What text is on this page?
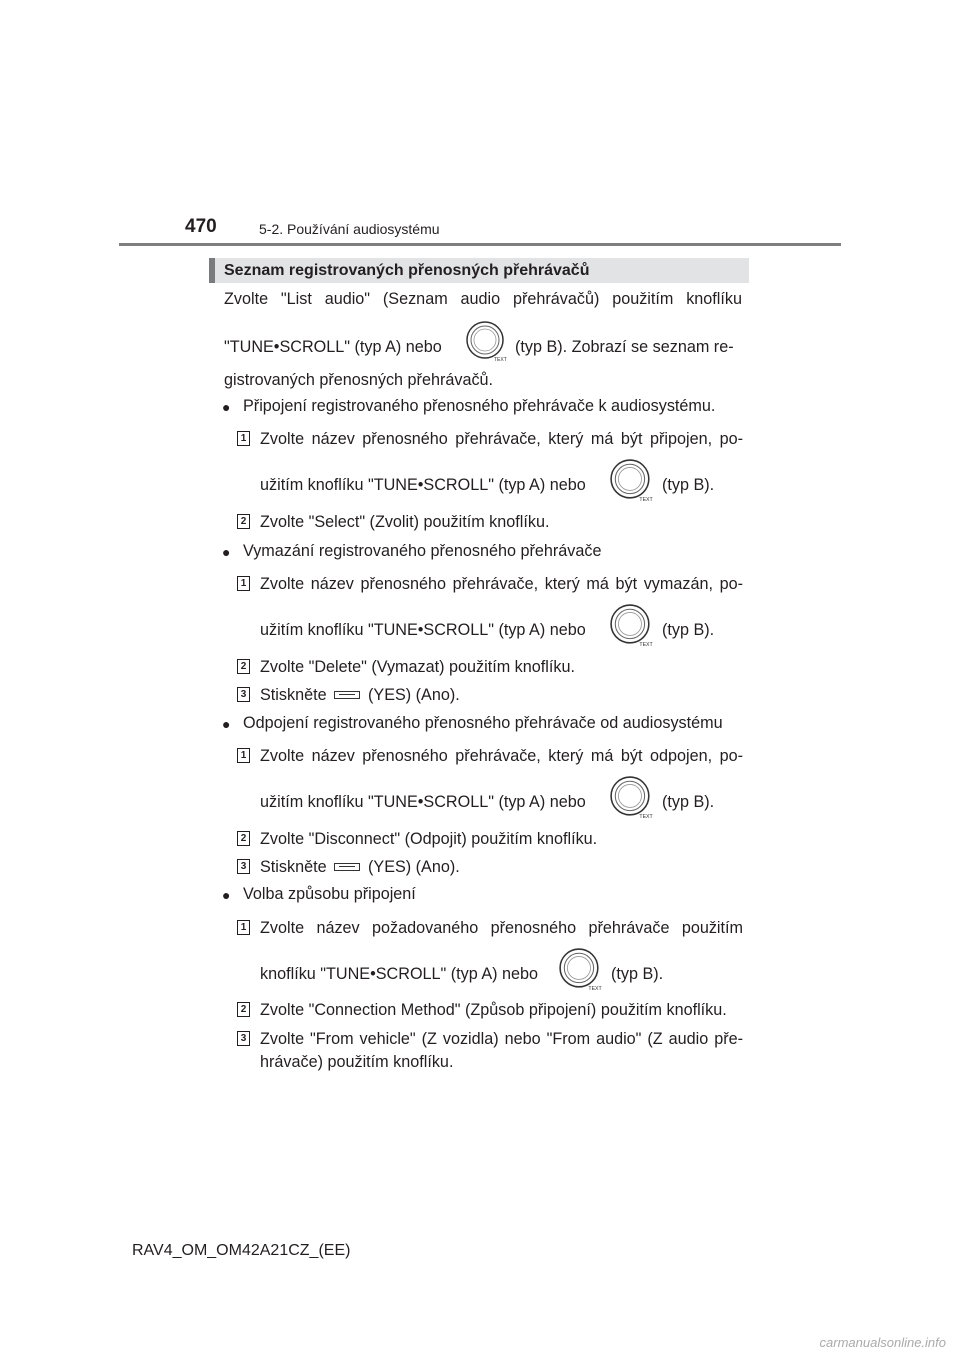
470	5-2. Používání audiosystému
Seznam registrovaných přenosných přehrávačů
Zvolte "List audio" (Seznam audio přehrávačů) použitím knoflíku
"TUNE•SCROLL" (typ A) nebo
TEXT
(typ B). Zobrazí se seznam re-
gistrovaných přenosných přehrávačů.
● Připojení registrovaného přenosného přehrávače k audiosystému.
1 Zvolte název přenosného přehrávače, který má být připojen, po-
užitím knoflíku "TUNE•SCROLL" (typ A) nebo
TEXT
(typ B).
2 Zvolte "Select" (Zvolit) použitím knoflíku.
● Vymazání registrovaného přenosného přehrávače
1 Zvolte název přenosného přehrávače, který má být vymazán, po-
užitím knoflíku "TUNE•SCROLL" (typ A) nebo
TEXT
(typ B).
2 Zvolte "Delete" (Vymazat) použitím knoflíku.
3 Stiskněte	(YES) (Ano).
● Odpojení registrovaného přenosného přehrávače od audiosystému
1 Zvolte název přenosného přehrávače, který má být odpojen, po-
užitím knoflíku "TUNE•SCROLL" (typ A) nebo
TEXT
(typ B).
2 Zvolte "Disconnect" (Odpojit) použitím knoflíku.
3 Stiskněte	(YES) (Ano).
● Volba způsobu připojení
1 Zvolte název požadovaného přenosného přehrávače použitím
knoflíku "TUNE•SCROLL" (typ A) nebo
TEXT
(typ B).
2 Zvolte "Connection Method" (Způsob připojení) použitím knoflíku.
3 Zvolte "From vehicle" (Z vozidla) nebo "From audio" (Z audio pře-
hrávače) použitím knoflíku.
RAV4_OM_OM42A21CZ_(EE)
carmanualsonline.info
